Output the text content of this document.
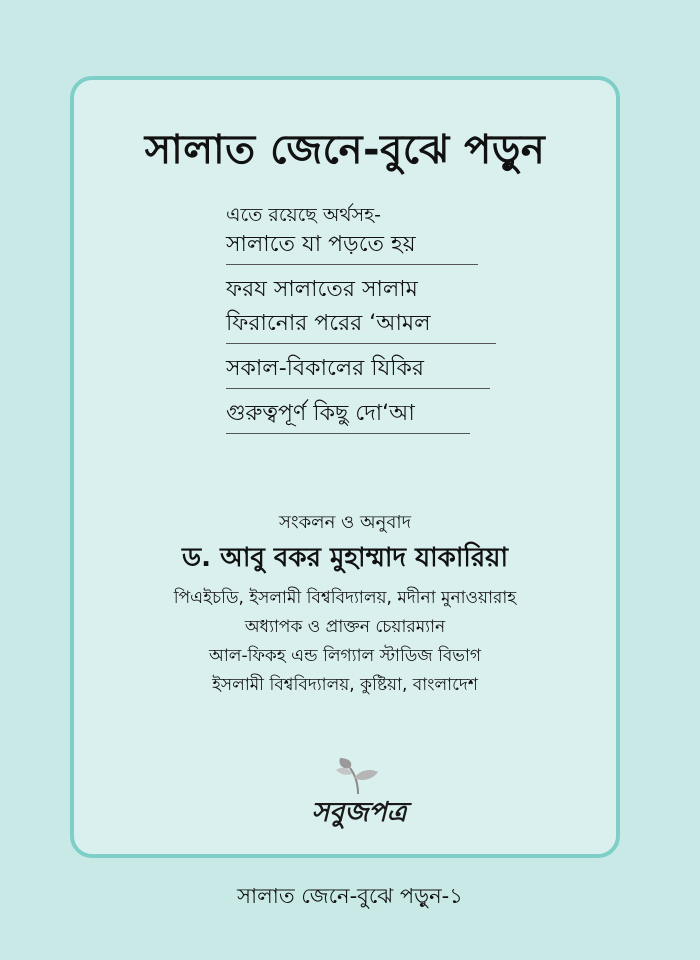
সালাত জেনে-বুঝে পড়ুন
এতে রয়েছে অর্থসহ-
সালাতে যা পড়তে হয়
ফরয সালাতের সালাম
ফিরানোর পরের ‘আমল
সকাল-বিকালের যিকির
গুরুত্বপূর্ণ কিছু দো‘আ
সংকলন ও অনুবাদ
ড. আবু বকর মুহাম্মাদ যাকারিয়া
পিএইচডি, ইসলামী বিশ্ববিদ্যালয়, মদীনা মুনাওয়ারাহ
অধ্যাপক ও প্রাক্তন চেয়ারম্যান
আল-ফিকহ এন্ড লিগ্যাল স্টাডিজ বিভাগ
ইসলামী বিশ্ববিদ্যালয়, কুষ্টিয়া, বাংলাদেশ
সবুজপত্র
সালাত জেনে-বুঝে পড়ুন-১
